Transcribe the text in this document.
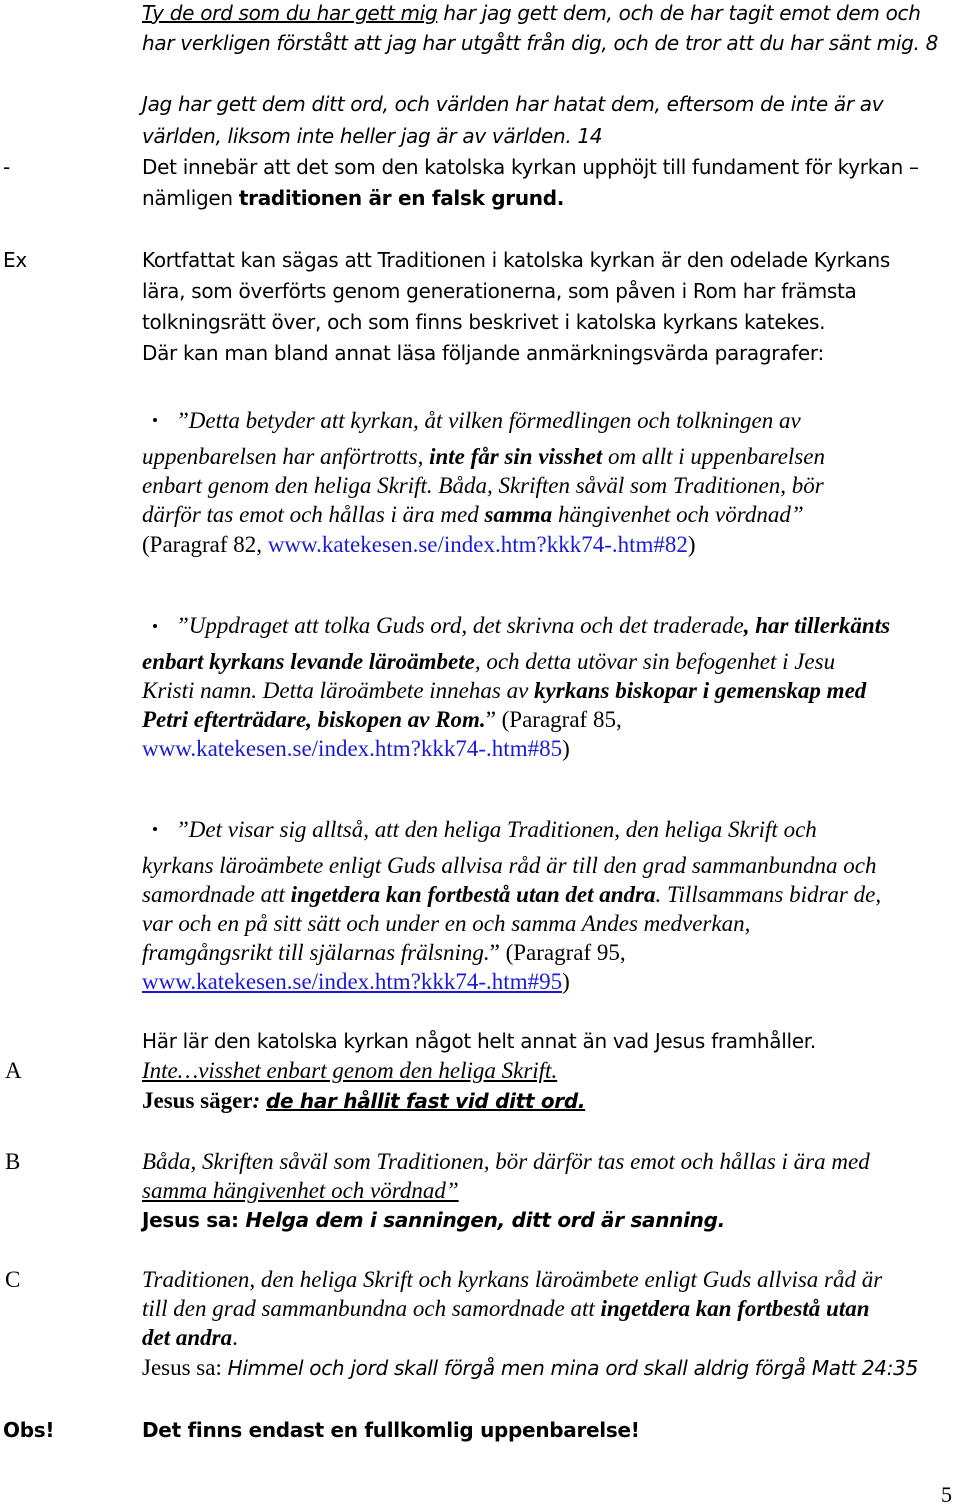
Ty de ord som du har gett mig har jag gett dem, och de har tagit emot dem och
har verkligen förstått att jag har utgått från dig, och de tror att du har sänt mig. 8
Jag har gett dem ditt ord, och världen har hatat dem, eftersom de inte är av
världen, liksom inte heller jag är av världen. 14
-	Det innebär att det som den katolska kyrkan upphöjt till fundament för kyrkan –
nämligen traditionen är en falsk grund.
Ex	Kortfattat kan sägas att Traditionen i katolska kyrkan är den odelade Kyrkans
lära, som överförts genom generationerna, som påven i Rom har främsta
tolkningsrätt över, och som finns beskrivet i katolska kyrkans katekes.
Där kan man bland annat läsa följande anmärkningsvärda paragrafer:
”Detta betyder att kyrkan, åt vilken förmedlingen och tolkningen av
uppenbarelsen har anförtrotts, inte får sin visshet om allt i uppenbarelsen
enbart genom den heliga Skrift. Båda, Skriften såväl som Traditionen, bör
därför tas emot och hållas i ära med samma hängivenhet och vördnad”
(Paragraf 82, www.katekesen.se/index.htm?kkk74-.htm#82)
”Uppdraget att tolka Guds ord, det skrivna och det traderade, har tillerkänts
enbart kyrkans levande läroämbete, och detta utövar sin befogenhet i Jesu
Kristi namn. Detta läroämbete innehas av kyrkans biskopar i gemenskap med
Petri efterträdare, biskopen av Rom.” (Paragraf 85,
www.katekesen.se/index.htm?kkk74-.htm#85)
”Det visar sig alltså, att den heliga Traditionen, den heliga Skrift och
kyrkans läroämbete enligt Guds allvisa råd är till den grad sammanbundna och
samordnade att ingetdera kan fortbestå utan det andra. Tillsammans bidrar de,
var och en på sitt sätt och under en och samma Andes medverkan,
framgångsrikt till själarnas frälsning.” (Paragraf 95,
www.katekesen.se/index.htm?kkk74-.htm#95)
Här lär den katolska kyrkan något helt annat än vad Jesus framhåller.
A	Inte…visshet enbart genom den heliga Skrift.
Jesus säger: de har hållit fast vid ditt ord.
B	Båda, Skriften såväl som Traditionen, bör därför tas emot och hållas i ära med
samma hängivenhet och vördnad”
Jesus sa: Helga dem i sanningen, ditt ord är sanning.
C	Traditionen, den heliga Skrift och kyrkans läroämbete enligt Guds allvisa råd är
till den grad sammanbundna och samordnade att ingetdera kan fortbestå utan
det andra.
Jesus sa: Himmel och jord skall förgå men mina ord skall aldrig förgå Matt 24:35
Obs!	Det finns endast en fullkomlig uppenbarelse!
5
